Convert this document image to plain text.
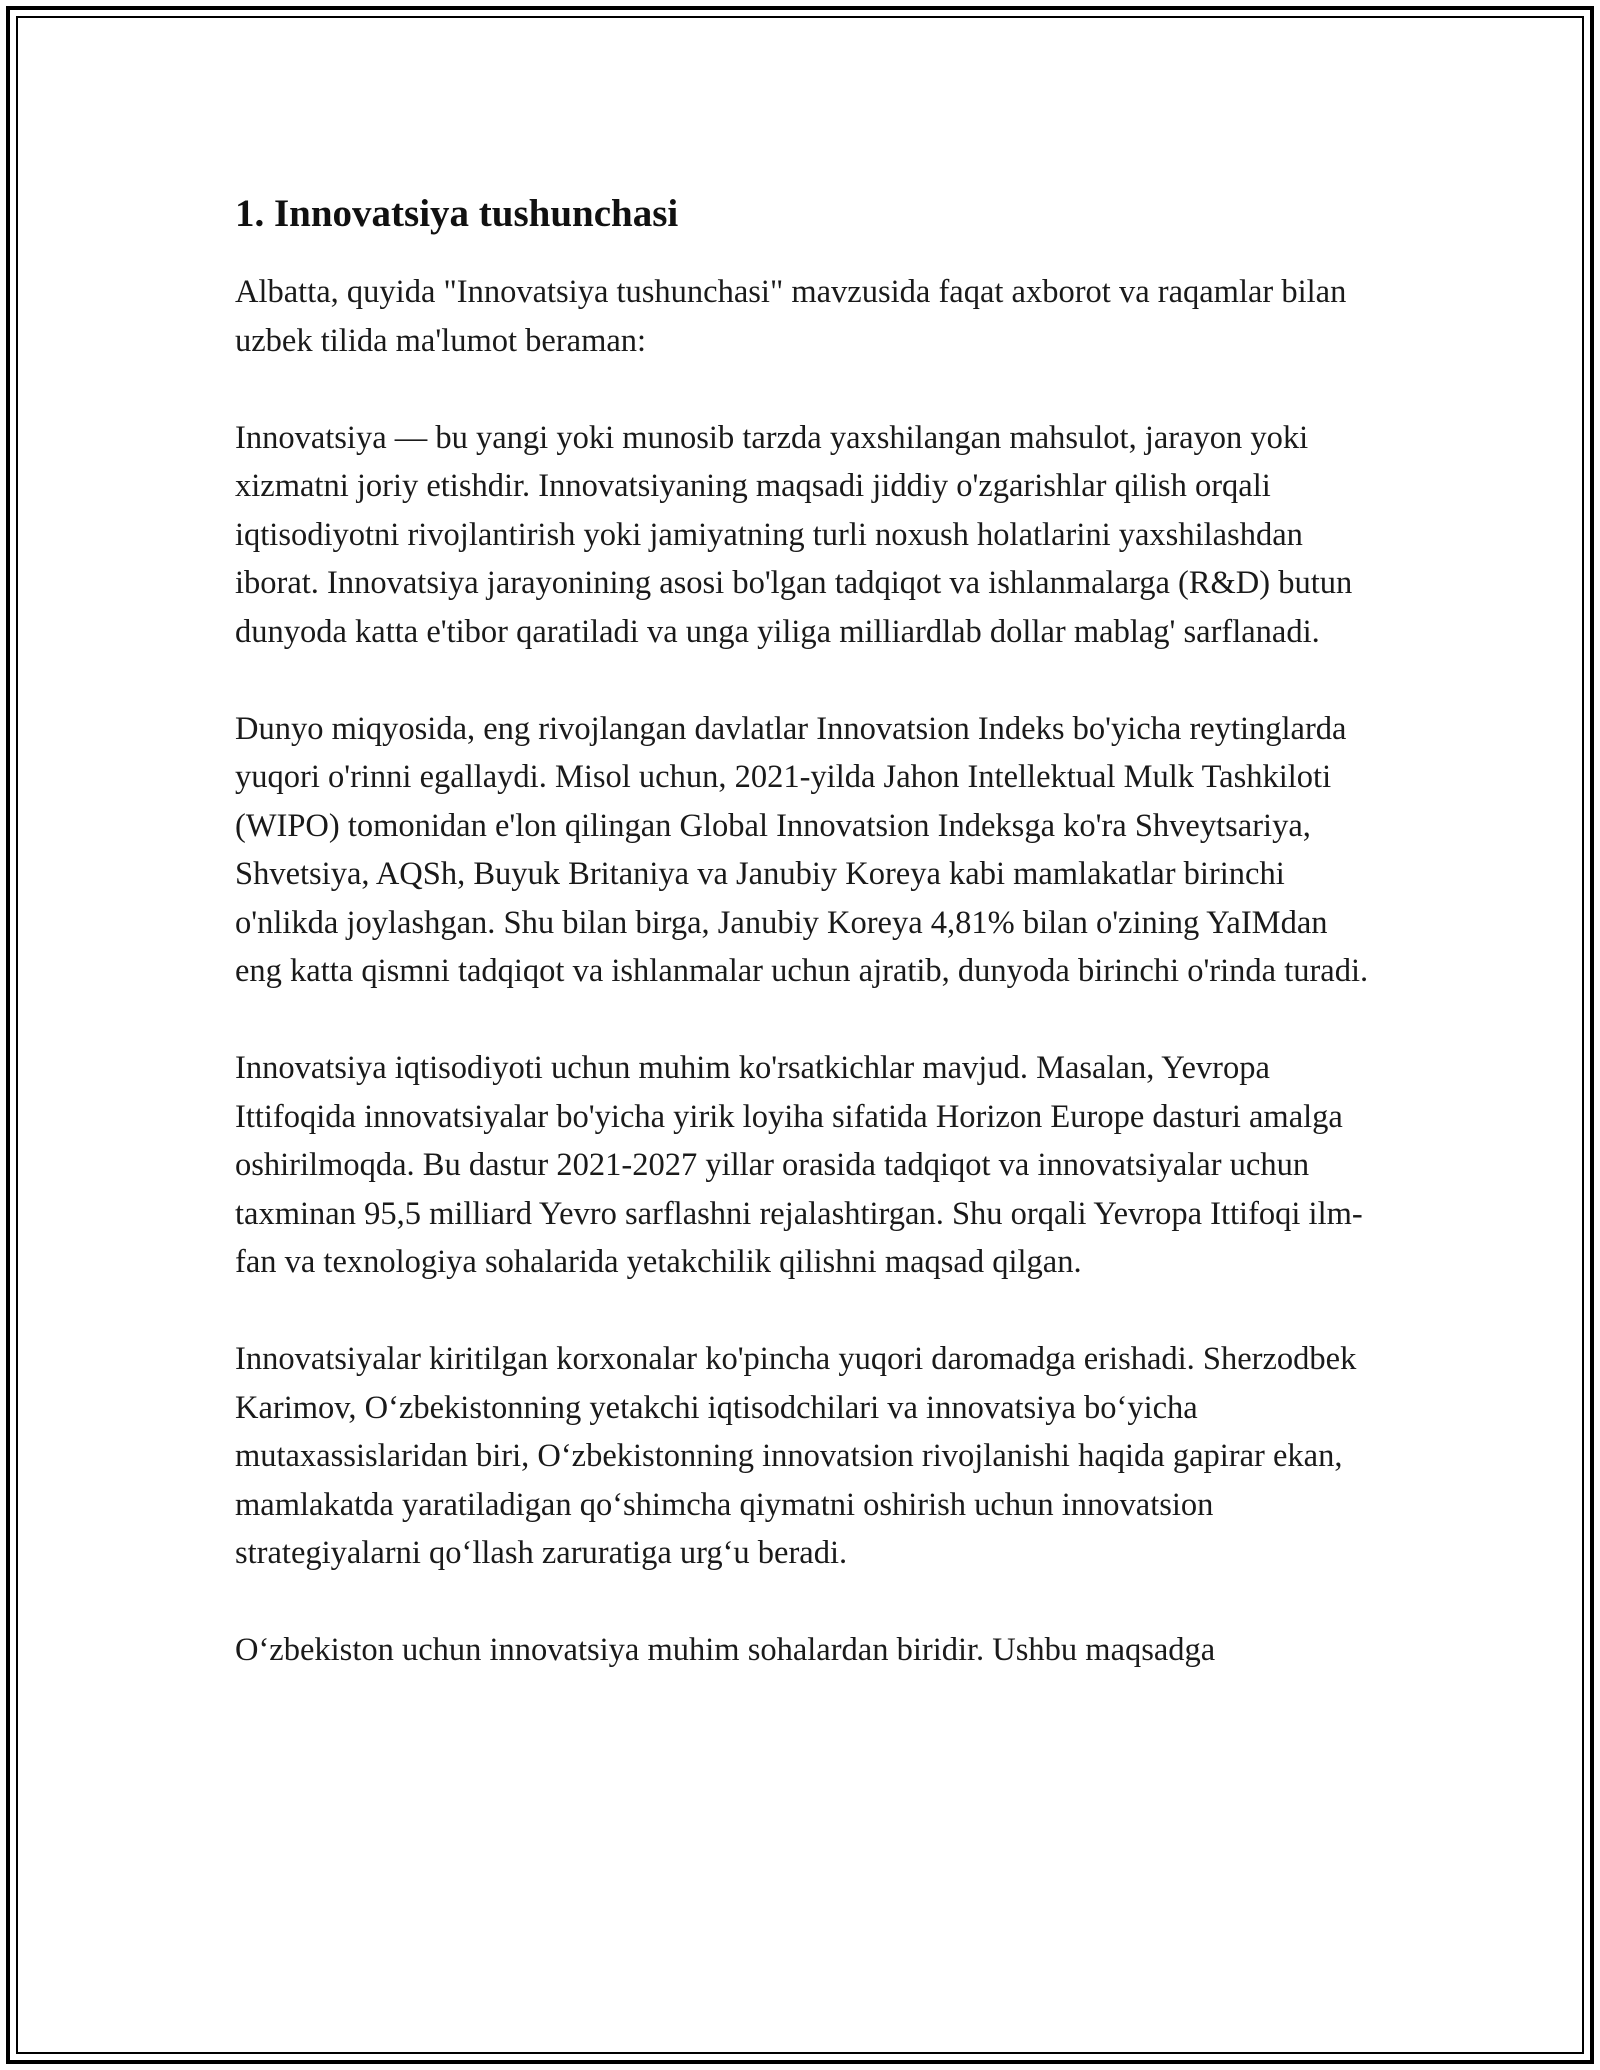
1. Innovatsiya tushunchasi

Albatta, quyida "Innovatsiya tushunchasi" mavzusida faqat axborot va raqamlar bilan uzbek tilida ma'lumot beraman:

Innovatsiya — bu yangi yoki munosib tarzda yaxshilangan mahsulot, jarayon yoki xizmatni joriy etishdir. Innovatsiyaning maqsadi jiddiy o'zgarishlar qilish orqali iqtisodiyotni rivojlantirish yoki jamiyatning turli noxush holatlarini yaxshilashdan iborat. Innovatsiya jarayonining asosi bo'lgan tadqiqot va ishlanmalarga (R&D) butun dunyoda katta e'tibor qaratiladi va unga yiliga milliardlab dollar mablag' sarflanadi.

Dunyo miqyosida, eng rivojlangan davlatlar Innovatsion Indeks bo'yicha reytinglarda yuqori o'rinni egallaydi. Misol uchun, 2021-yilda Jahon Intellektual Mulk Tashkiloti (WIPO) tomonidan e'lon qilingan Global Innovatsion Indeksga ko'ra Shveytsariya, Shvetsiya, AQSh, Buyuk Britaniya va Janubiy Koreya kabi mamlakatlar birinchi o'nlikda joylashgan. Shu bilan birga, Janubiy Koreya 4,81% bilan o'zining YaIMdan eng katta qismni tadqiqot va ishlanmalar uchun ajratib, dunyoda birinchi o'rinda turadi.

Innovatsiya iqtisodiyoti uchun muhim ko'rsatkichlar mavjud. Masalan, Yevropa Ittifoqida innovatsiyalar bo'yicha yirik loyiha sifatida Horizon Europe dasturi amalga oshirilmoqda. Bu dastur 2021-2027 yillar orasida tadqiqot va innovatsiyalar uchun taxminan 95,5 milliard Yevro sarflashni rejalashtirgan. Shu orqali Yevropa Ittifoqi ilm-fan va texnologiya sohalarida yetakchilik qilishni maqsad qilgan.

Innovatsiyalar kiritilgan korxonalar ko'pincha yuqori daromadga erishadi. Sherzodbek Karimov, O‘zbekistonning yetakchi iqtisodchilari va innovatsiya bo‘yicha mutaxassislaridan biri, O‘zbekistonning innovatsion rivojlanishi haqida gapirar ekan, mamlakatda yaratiladigan qo‘shimcha qiymatni oshirish uchun innovatsion strategiyalarni qo‘llash zaruratiga urg‘u beradi.

O‘zbekiston uchun innovatsiya muhim sohalardan biridir. Ushbu maqsadga
